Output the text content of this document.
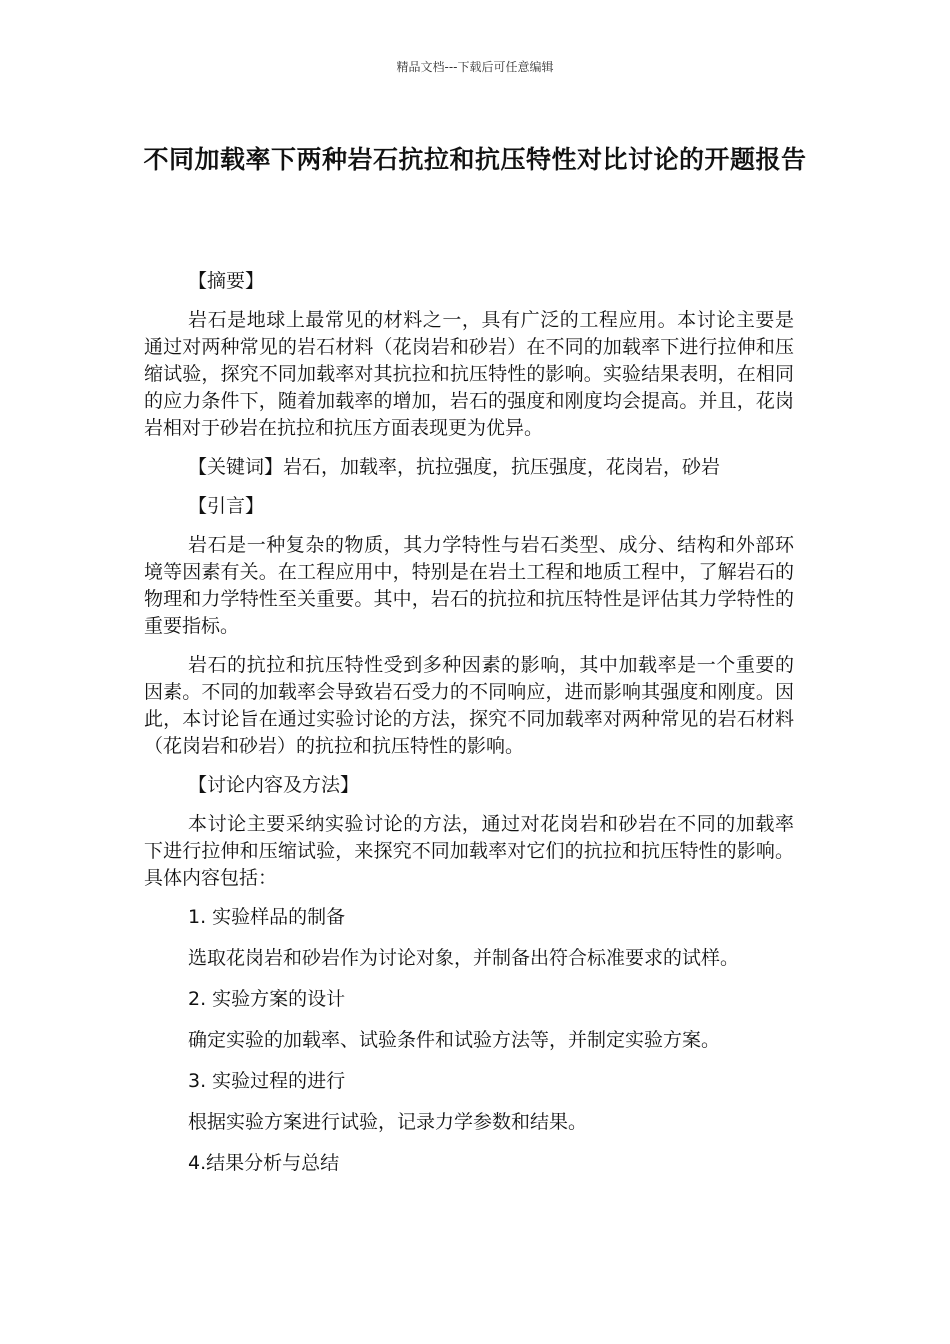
精品文档---下载后可任意编辑
不同加载率下两种岩石抗拉和抗压特性对比讨论的开题报告
【摘要】
岩石是地球上最常见的材料之一，具有广泛的工程应用。本讨论主要是通过对两种常见的岩石材料（花岗岩和砂岩）在不同的加载率下进行拉伸和压缩试验，探究不同加载率对其抗拉和抗压特性的影响。实验结果表明，在相同的应力条件下，随着加载率的增加，岩石的强度和刚度均会提高。并且，花岗岩相对于砂岩在抗拉和抗压方面表现更为优异。
【关键词】岩石，加载率，抗拉强度，抗压强度，花岗岩，砂岩
【引言】
岩石是一种复杂的物质，其力学特性与岩石类型、成分、结构和外部环境等因素有关。在工程应用中，特别是在岩土工程和地质工程中，了解岩石的物理和力学特性至关重要。其中，岩石的抗拉和抗压特性是评估其力学特性的重要指标。
岩石的抗拉和抗压特性受到多种因素的影响，其中加载率是一个重要的因素。不同的加载率会导致岩石受力的不同响应，进而影响其强度和刚度。因此，本讨论旨在通过实验讨论的方法，探究不同加载率对两种常见的岩石材料（花岗岩和砂岩）的抗拉和抗压特性的影响。
【讨论内容及方法】
本讨论主要采纳实验讨论的方法，通过对花岗岩和砂岩在不同的加载率下进行拉伸和压缩试验，来探究不同加载率对它们的抗拉和抗压特性的影响。具体内容包括：
1. 实验样品的制备
选取花岗岩和砂岩作为讨论对象，并制备出符合标准要求的试样。
2. 实验方案的设计
确定实验的加载率、试验条件和试验方法等，并制定实验方案。
3. 实验过程的进行
根据实验方案进行试验，记录力学参数和结果。
4.结果分析与总结
